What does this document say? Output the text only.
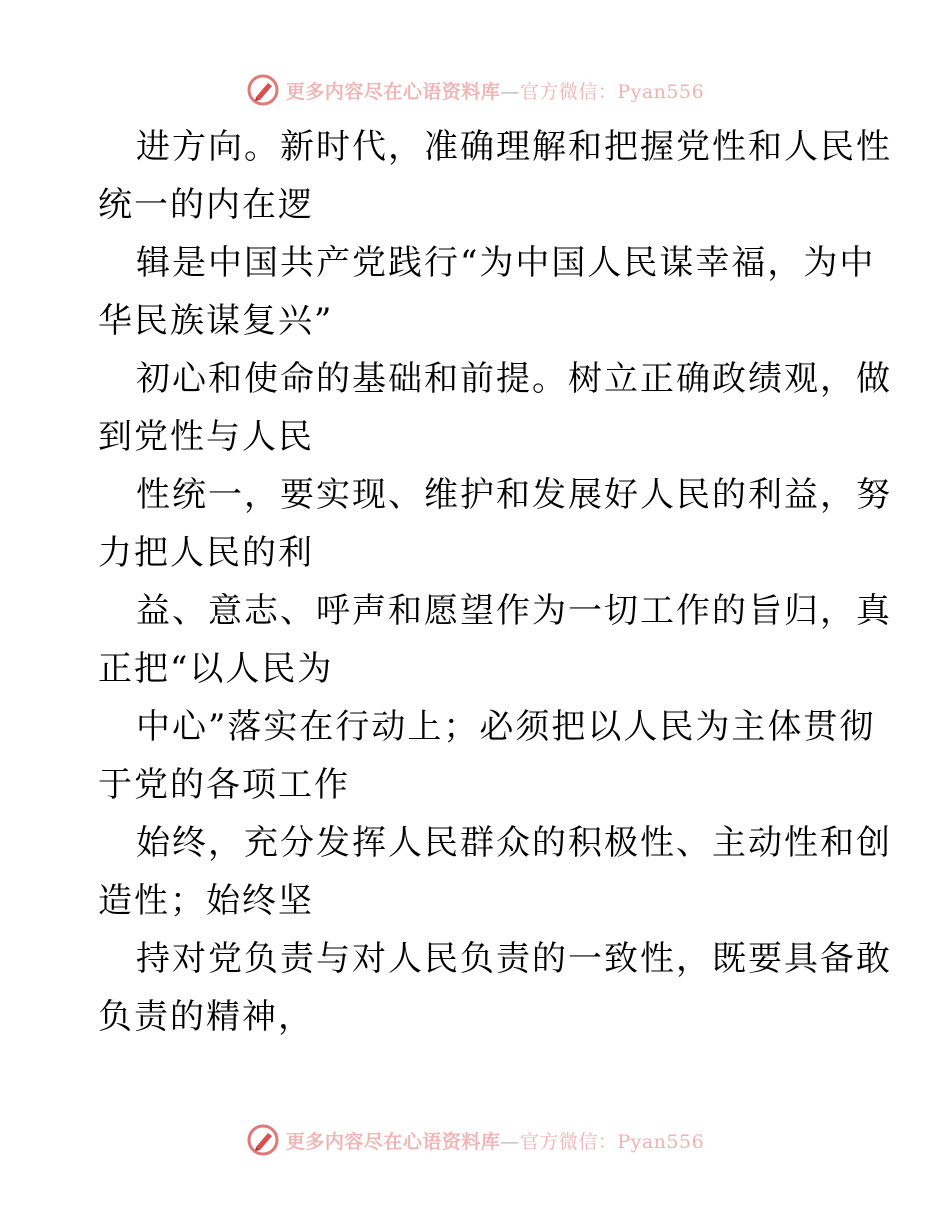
更多内容尽在心语资料库—官方微信：Pyan556
进方向。新时代，准确理解和把握党性和人民性
统一的内在逻
辑是中国共产党践行“为中国人民谋幸福，为中
华民族谋复兴”
初心和使命的基础和前提。树立正确政绩观，做
到党性与人民
性统一，要实现、维护和发展好人民的利益，努
力把人民的利
益、意志、呼声和愿望作为一切工作的旨归，真
正把“以人民为
中心”落实在行动上；必须把以人民为主体贯彻
于党的各项工作
始终，充分发挥人民群众的积极性、主动性和创
造性；始终坚
持对党负责与对人民负责的一致性，既要具备敢
负责的精神，
更多内容尽在心语资料库—官方微信：Pyan556
